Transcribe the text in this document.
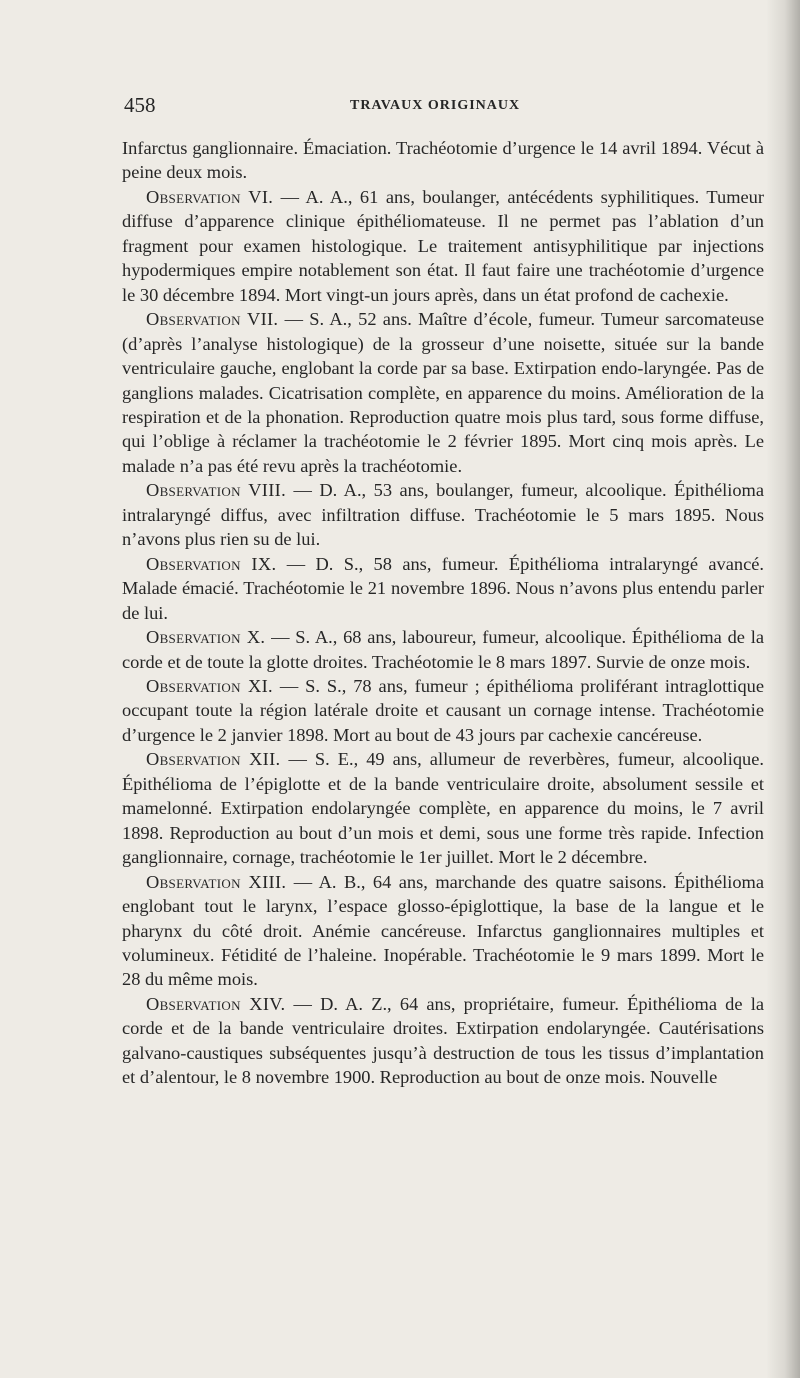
458	TRAVAUX ORIGINAUX

Infarctus ganglionnaire. Émaciation. Trachéotomie d’urgence le 14 avril 1894. Vécut à peine deux mois.

Observation VI. — A. A., 61 ans, boulanger, antécédents syphilitiques. Tumeur diffuse d’apparence clinique épithéliomateuse. Il ne permet pas l’ablation d’un fragment pour examen histologique. Le traitement antisyphilitique par injections hypodermiques empire notablement son état. Il faut faire une trachéotomie d’urgence le 30 décembre 1894. Mort vingt-un jours après, dans un état profond de cachexie.

Observation VII. — S. A., 52 ans. Maître d’école, fumeur. Tumeur sarcomateuse (d’après l’analyse histologique) de la grosseur d’une noisette, située sur la bande ventriculaire gauche, englobant la corde par sa base. Extirpation endo-laryngée. Pas de ganglions malades. Cicatrisation complète, en apparence du moins. Amélioration de la respiration et de la phonation. Reproduction quatre mois plus tard, sous forme diffuse, qui l’oblige à réclamer la trachéotomie le 2 février 1895. Mort cinq mois après. Le malade n’a pas été revu après la trachéotomie.

Observation VIII. — D. A., 53 ans, boulanger, fumeur, alcoolique. Épithélioma intralaryngé diffus, avec infiltration diffuse. Trachéotomie le 5 mars 1895. Nous n’avons plus rien su de lui.

Observation IX. — D. S., 58 ans, fumeur. Épithélioma intralaryngé avancé. Malade émacié. Trachéotomie le 21 novembre 1896. Nous n’avons plus entendu parler de lui.

Observation X. — S. A., 68 ans, laboureur, fumeur, alcoolique. Épithélioma de la corde et de toute la glotte droites. Trachéotomie le 8 mars 1897. Survie de onze mois.

Observation XI. — S. S., 78 ans, fumeur ; épithélioma proliférant intraglottique occupant toute la région latérale droite et causant un cornage intense. Trachéotomie d’urgence le 2 janvier 1898. Mort au bout de 43 jours par cachexie cancéreuse.

Observation XII. — S. E., 49 ans, allumeur de reverbères, fumeur, alcoolique. Épithélioma de l’épiglotte et de la bande ventriculaire droite, absolument sessile et mamelonné. Extirpation endolaryngée complète, en apparence du moins, le 7 avril 1898. Reproduction au bout d’un mois et demi, sous une forme très rapide. Infection ganglionnaire, cornage, trachéotomie le 1er juillet. Mort le 2 décembre.

Observation XIII. — A. B., 64 ans, marchande des quatre saisons. Épithélioma englobant tout le larynx, l’espace glosso-épiglottique, la base de la langue et le pharynx du côté droit. Anémie cancéreuse. Infarctus ganglionnaires multiples et volumineux. Fétidité de l’haleine. Inopérable. Trachéotomie le 9 mars 1899. Mort le 28 du même mois.

Observation XIV. — D. A. Z., 64 ans, propriétaire, fumeur. Épithélioma de la corde et de la bande ventriculaire droites. Extirpation endolaryngée. Cautérisations galvano-caustiques subséquentes jusqu’à destruction de tous les tissus d’implantation et d’alentour, le 8 novembre 1900. Reproduction au bout de onze mois. Nouvelle
